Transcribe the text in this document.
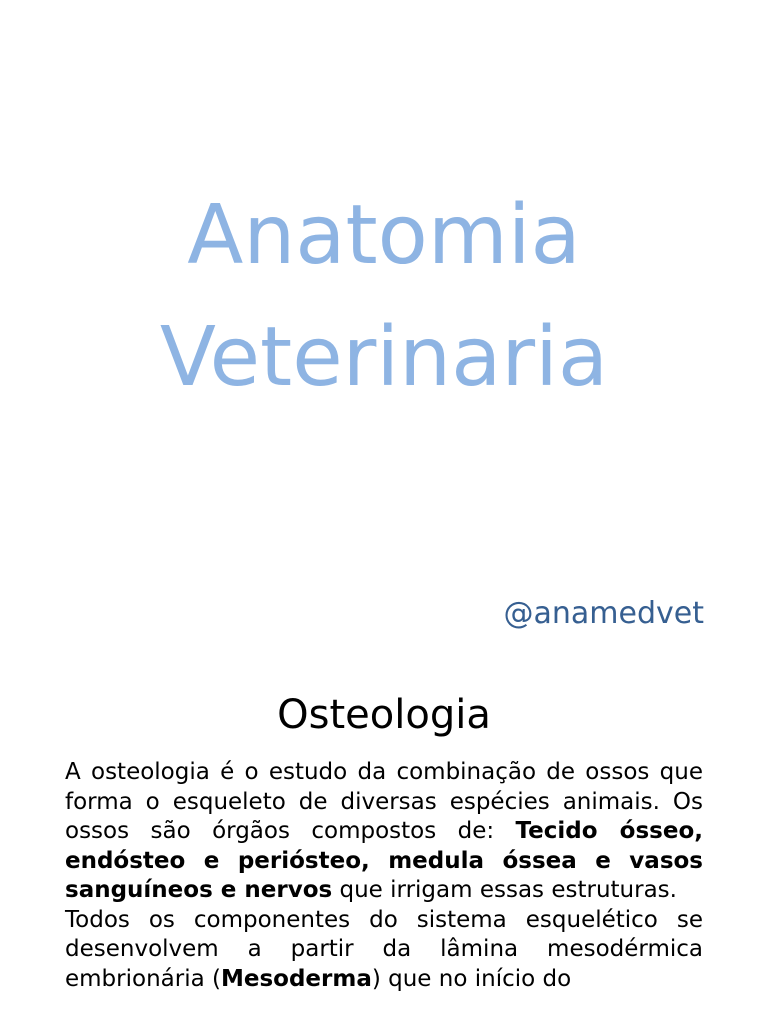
Anatomia
Veterinaria

@anamedvet

Osteologia

A osteologia é o estudo da combinação de ossos que forma o esqueleto de diversas espécies animais. Os ossos são órgãos compostos de: Tecido ósseo, endósteo e periósteo, medula óssea e vasos sanguíneos e nervos que irrigam essas estruturas.

Todos os componentes do sistema esquelético se desenvolvem a partir da lâmina mesodérmica embrionária (Mesoderma) que no início do
